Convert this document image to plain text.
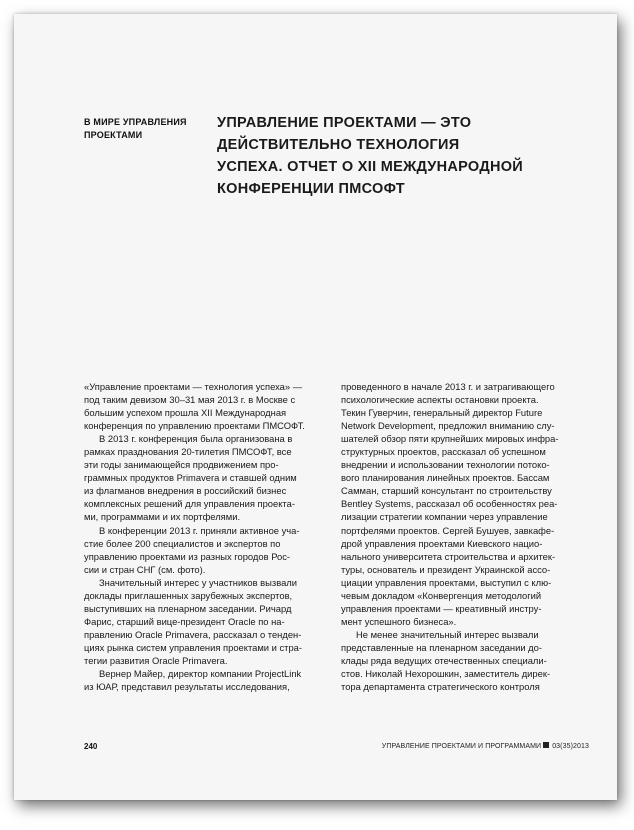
В МИРЕ УПРАВЛЕНИЯ
ПРОЕКТАМИ
УПРАВЛЕНИЕ ПРОЕКТАМИ — ЭТО
ДЕЙСТВИТЕЛЬНО ТЕХНОЛОГИЯ
УСПЕХА. ОТЧЕТ О XII МЕЖДУНАРОДНОЙ
КОНФЕРЕНЦИИ ПМСОФТ
«Управление проектами — технология успеха» —
под таким девизом 30–31 мая 2013 г. в Москве с
большим успехом прошла XII Международная
конференция по управлению проектами ПМСОФТ.
В 2013 г. конференция была организована в
рамках празднования 20-тилетия ПМСОФТ, все
эти годы занимающейся продвижением про-
граммных продуктов Primavera и ставшей одним
из флагманов внедрения в российский бизнес
комплексных решений для управления проекта-
ми, программами и их портфелями.
В конференции 2013 г. приняли активное уча-
стие более 200 специалистов и экспертов по
управлению проектами из разных городов Рос-
сии и стран СНГ (см. фото).
Значительный интерес у участников вызвали
доклады приглашенных зарубежных экспертов,
выступивших на пленарном заседании. Ричард
Фарис, старший вице-президент Oracle по на-
правлению Oracle Primavera, рассказал о тенден-
циях рынка систем управления проектами и стра-
тегии развития Oracle Primavera.
Вернер Майер, директор компании ProjectLink
из ЮАР, представил результаты исследования,
проведенного в начале 2013 г. и затрагивающего
психологические аспекты остановки проекта.
Текин Гуверчин, генеральный директор Future
Network Development, предложил вниманию слу-
шателей обзор пяти крупнейших мировых инфра-
структурных проектов, рассказал об успешном
внедрении и использовании технологии потоко-
вого планирования линейных проектов. Бассам
Самман, старший консультант по строительству
Bentley Systems, рассказал об особенностях реа-
лизации стратегии компании через управление
портфелями проектов. Сергей Бушуев, завкафе-
дрой управления проектами Киевского нацио-
нального университета строительства и архитек-
туры, основатель и президент Украинской ассо-
циации управления проектами, выступил с клю-
чевым докладом «Конвергенция методологий
управления проектами — креативный инстру-
мент успешного бизнеса».
Не менее значительный интерес вызвали
представленные на пленарном заседании до-
клады ряда ведущих отечественных специали-
стов. Николай Нехорошкин, заместитель дирек-
тора департамента стратегического контроля
240	УПРАВЛЕНИЕ ПРОЕКТАМИ И ПРОГРАММАМИ 03(35)2013
